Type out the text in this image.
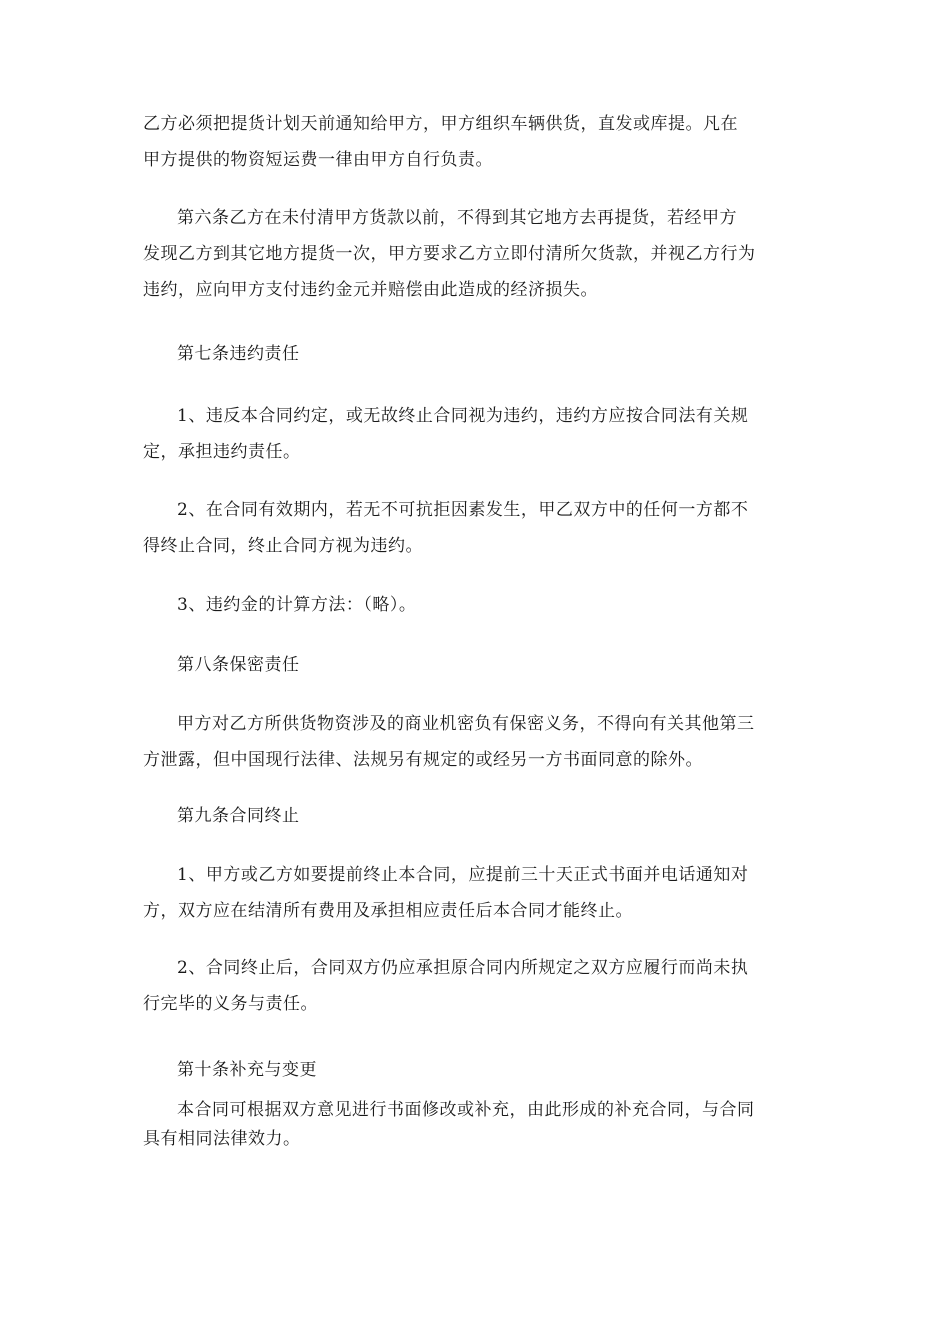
乙方必须把提货计划天前通知给甲方，甲方组织车辆供货，直发或库提。凡在
甲方提供的物资短运费一律由甲方自行负责。

第六条乙方在未付清甲方货款以前，不得到其它地方去再提货，若经甲方
发现乙方到其它地方提货一次，甲方要求乙方立即付清所欠货款，并视乙方行为
违约，应向甲方支付违约金元并赔偿由此造成的经济损失。

第七条违约责任

1、违反本合同约定，或无故终止合同视为违约，违约方应按合同法有关规
定，承担违约责任。

2、在合同有效期内，若无不可抗拒因素发生，甲乙双方中的任何一方都不
得终止合同，终止合同方视为违约。

3、违约金的计算方法：（略）。

第八条保密责任

甲方对乙方所供货物资涉及的商业机密负有保密义务，不得向有关其他第三
方泄露，但中国现行法律、法规另有规定的或经另一方书面同意的除外。

第九条合同终止

1、甲方或乙方如要提前终止本合同，应提前三十天正式书面并电话通知对
方，双方应在结清所有费用及承担相应责任后本合同才能终止。

2、合同终止后，合同双方仍应承担原合同内所规定之双方应履行而尚未执
行完毕的义务与责任。

第十条补充与变更

本合同可根据双方意见进行书面修改或补充，由此形成的补充合同，与合同
具有相同法律效力。
